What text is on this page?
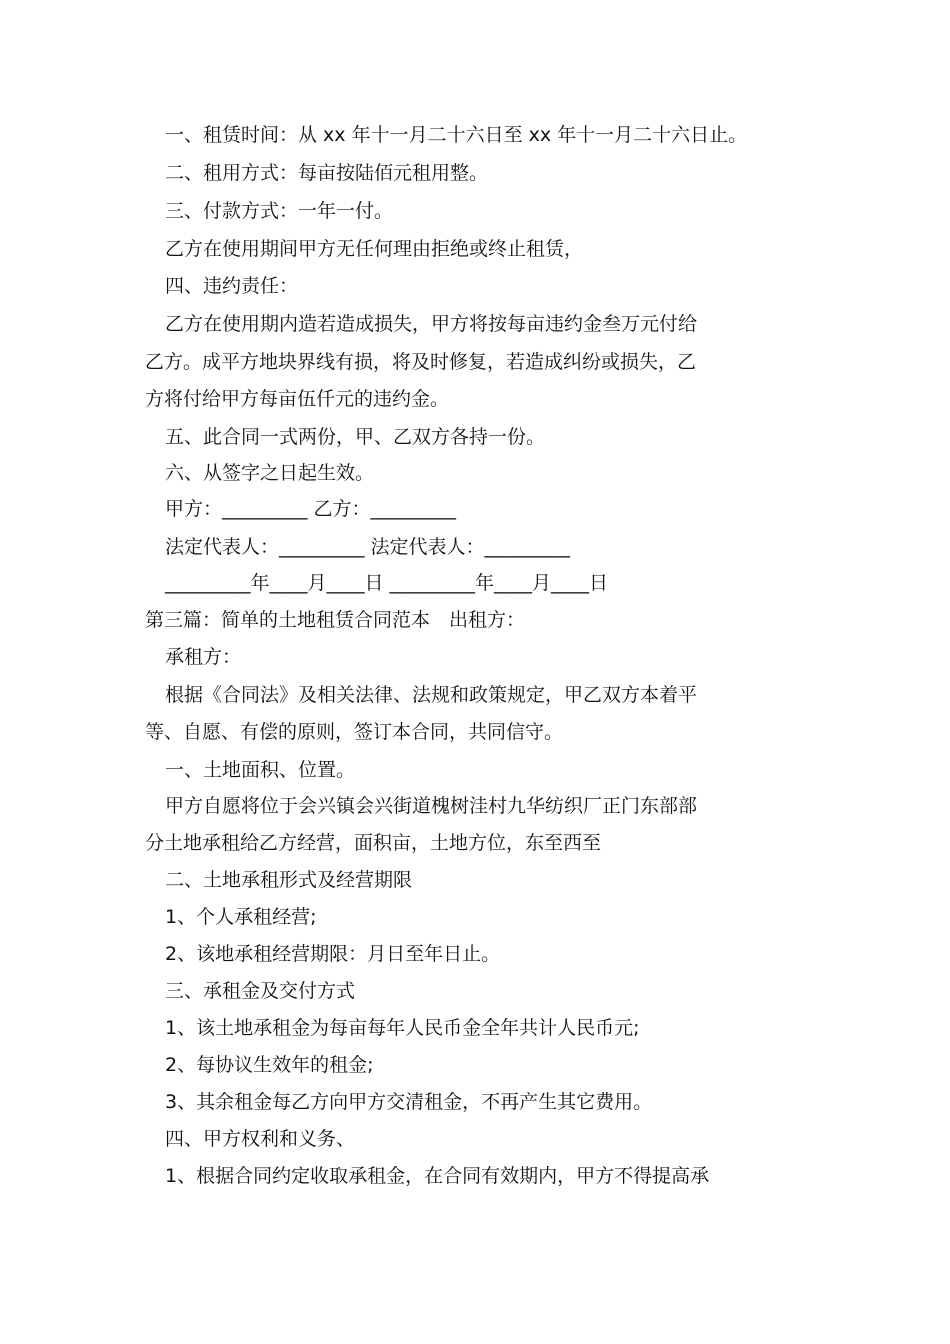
一、租赁时间：从 xx 年十一月二十六日至 xx 年十一月二十六日止。
二、租用方式：每亩按陆佰元租用整。
三、付款方式：一年一付。
乙方在使用期间甲方无任何理由拒绝或终止租赁，
四、违约责任：
乙方在使用期内造若造成损失，甲方将按每亩违约金叁万元付给
乙方。成平方地块界线有损，将及时修复，若造成纠纷或损失，乙
方将付给甲方每亩伍仟元的违约金。
五、此合同一式两份，甲、乙双方各持一份。
六、从签字之日起生效。
甲方：_________ 乙方：_________
法定代表人：_________ 法定代表人：_________
_________年____月____日 _________年____月____日
第三篇：简单的土地租赁合同范本　出租方：
承租方：
根据《合同法》及相关法律、法规和政策规定，甲乙双方本着平
等、自愿、有偿的原则，签订本合同，共同信守。
一、土地面积、位置。
甲方自愿将位于会兴镇会兴街道槐树洼村九华纺织厂正门东部部
分土地承租给乙方经营，面积亩，土地方位，东至西至
二、土地承租形式及经营期限
1、个人承租经营;
2、该地承租经营期限：月日至年日止。
三、承租金及交付方式
1、该土地承租金为每亩每年人民币金全年共计人民币元;
2、每协议生效年的租金;
3、其余租金每乙方向甲方交清租金，不再产生其它费用。
四、甲方权利和义务、
1、根据合同约定收取承租金，在合同有效期内，甲方不得提高承
